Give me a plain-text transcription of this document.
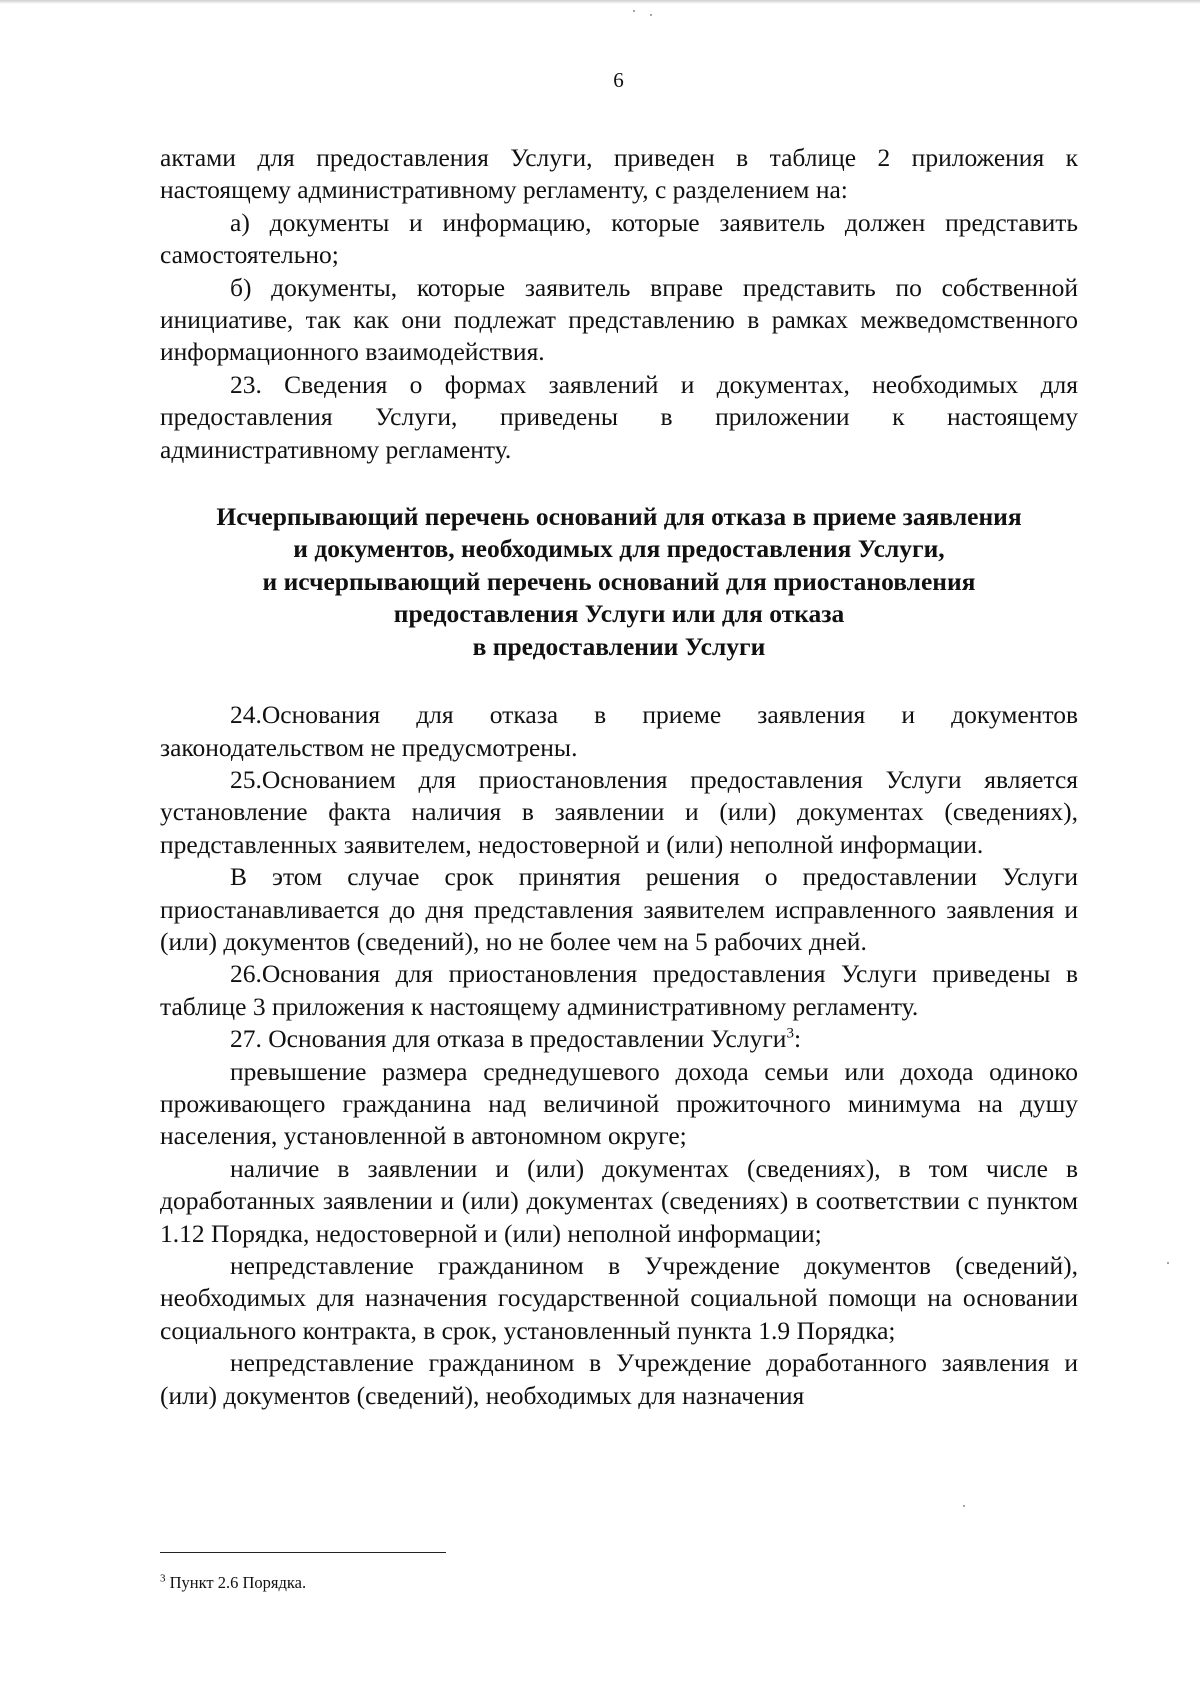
6

актами для предоставления Услуги, приведен в таблице 2 приложения к настоящему административному регламенту, с разделением на:

а) документы и информацию, которые заявитель должен представить самостоятельно;

б) документы, которые заявитель вправе представить по собственной инициативе, так как они подлежат представлению в рамках межведомственного информационного взаимодействия.

23. Сведения о формах заявлений и документах, необходимых для предоставления Услуги, приведены в приложении к настоящему административному регламенту.

Исчерпывающий перечень оснований для отказа в приеме заявления

и документов, необходимых для предоставления Услуги,

и исчерпывающий перечень оснований для приостановления

предоставления Услуги или для отказа

в предоставлении Услуги

24.Основания для отказа в приеме заявления и документов законодательством не предусмотрены.

25.Основанием для приостановления предоставления Услуги является установление факта наличия в заявлении и (или) документах (сведениях), представленных заявителем, недостоверной и (или) неполной информации.

В этом случае срок принятия решения о предоставлении Услуги приостанавливается до дня представления заявителем исправленного заявления и (или) документов (сведений), но не более чем на 5 рабочих дней.

26.Основания для приостановления предоставления Услуги приведены в таблице 3 приложения к настоящему административному регламенту.

27. Основания для отказа в предоставлении Услуги$^3$:

превышение размера среднедушевого дохода семьи или дохода одиноко проживающего гражданина над величиной прожиточного минимума на душу населения, установленной в автономном округе;

наличие в заявлении и (или) документах (сведениях), в том числе в доработанных заявлении и (или) документах (сведениях) в соответствии с пунктом 1.12 Порядка, недостоверной и (или) неполной информации;

непредставление гражданином в Учреждение документов (сведений), необходимых для назначения государственной социальной помощи на основании социального контракта, в срок, установленный пункта 1.9 Порядка;

непредставление гражданином в Учреждение доработанного заявления и (или) документов (сведений), необходимых для назначения

$^3$ Пункт 2.6 Порядка.
